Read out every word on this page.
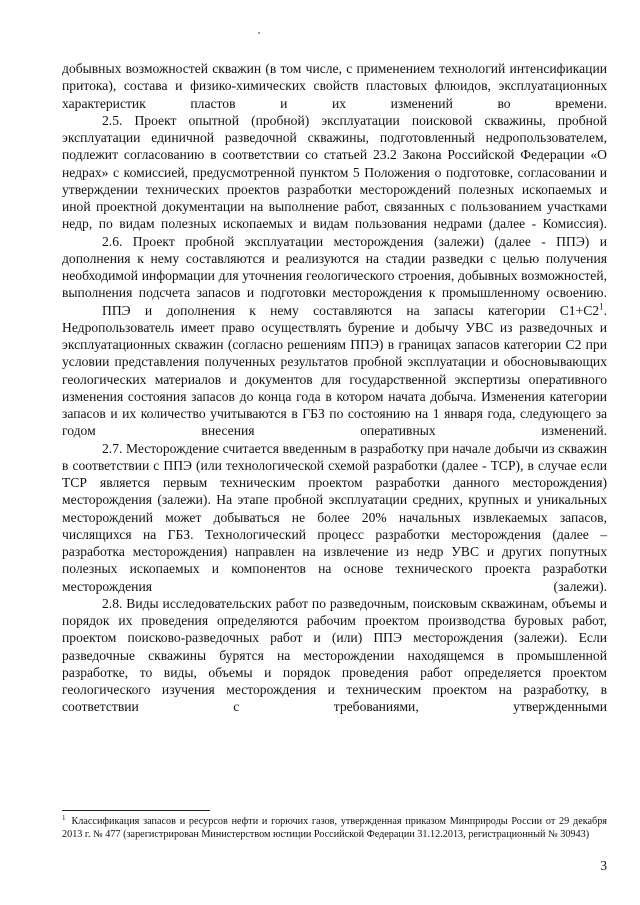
добывных возможностей скважин (в том числе, с применением технологий интенсификации притока), состава и физико-химических свойств пластовых флюидов, эксплуатационных характеристик пластов и их изменений во времени.

2.5. Проект опытной (пробной) эксплуатации поисковой скважины, пробной эксплуатации единичной разведочной скважины, подготовленный недропользователем, подлежит согласованию в соответствии со статьей 23.2 Закона Российской Федерации «О недрах» с комиссией, предусмотренной пунктом 5 Положения о подготовке, согласовании и утверждении технических проектов разработки месторождений полезных ископаемых и иной проектной документации на выполнение работ, связанных с пользованием участками недр, по видам полезных ископаемых и видам пользования недрами (далее - Комиссия).

2.6. Проект пробной эксплуатации месторождения (залежи) (далее - ППЭ) и дополнения к нему составляются и реализуются на стадии разведки с целью получения необходимой информации для уточнения геологического строения, добывных возможностей, выполнения подсчета запасов и подготовки месторождения к промышленному освоению.

ППЭ и дополнения к нему составляются на запасы категории $С1+С2^1$. Недропользователь имеет право осуществлять бурение и добычу УВС из разведочных и эксплуатационных скважин (согласно решениям ППЭ) в границах запасов категории С2 при условии представления полученных результатов пробной эксплуатации и обосновывающих геологических материалов и документов для государственной экспертизы оперативного изменения состояния запасов до конца года в котором начата добыча. Изменения категории запасов и их количество учитываются в ГБЗ по состоянию на 1 января года, следующего за годом внесения оперативных изменений.

2.7. Месторождение считается введенным в разработку при начале добычи из скважин в соответствии с ППЭ (или технологической схемой разработки (далее - ТСР), в случае если ТСР является первым техническим проектом разработки данного месторождения) месторождения (залежи). На этапе пробной эксплуатации средних, крупных и уникальных месторождений может добываться не более 20% начальных извлекаемых запасов, числящихся на ГБЗ. Технологический процесс разработки месторождения (далее – разработка месторождения) направлен на извлечение из недр УВС и других попутных полезных ископаемых и компонентов на основе технического проекта разработки месторождения (залежи).

2.8. Виды исследовательских работ по разведочным, поисковым скважинам, объемы и порядок их проведения определяются рабочим проектом производства буровых работ, проектом поисково-разведочных работ и (или) ППЭ месторождения (залежи). Если разведочные скважины бурятся на месторождении находящемся в промышленной разработке, то виды, объемы и порядок проведения работ определяется проектом геологического изучения месторождения и техническим проектом на разработку, в соответствии с требованиями, утвержденными

$^1$ Классификация запасов и ресурсов нефти и горючих газов, утвержденная приказом Минприроды России от 29 декабря 2013 г. № 477 (зарегистрирован Министерством юстиции Российской Федерации 31.12.2013, регистрационный № 30943)
3
